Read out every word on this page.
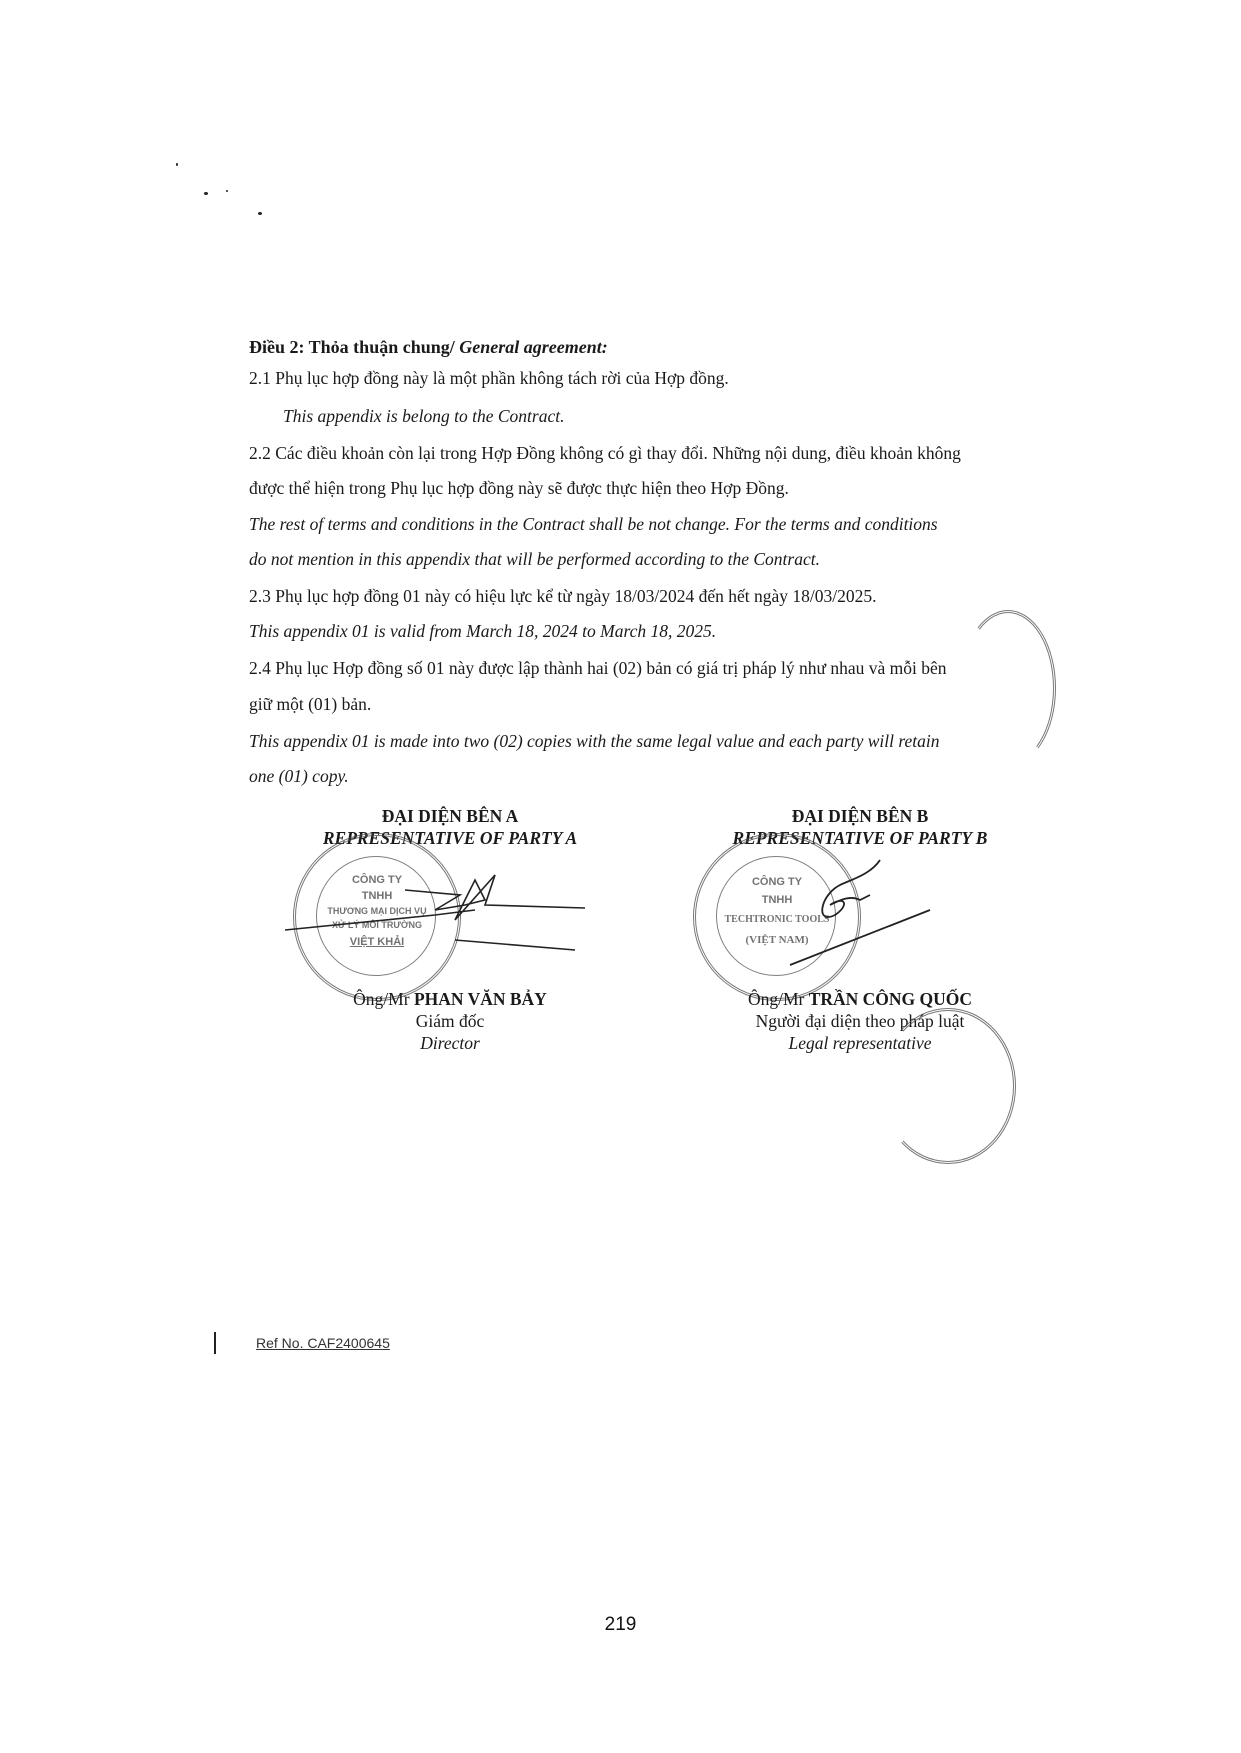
Điều 2: Thỏa thuận chung/ General agreement:
2.1 Phụ lục hợp đồng này là một phần không tách rời của Hợp đồng.
This appendix is belong to the Contract.
2.2 Các điều khoản còn lại trong Hợp Đồng không có gì thay đổi. Những nội dung, điều khoản không
được thể hiện trong Phụ lục hợp đồng này sẽ được thực hiện theo Hợp Đồng.
The rest of terms and conditions in the Contract shall be not change. For the terms and conditions
do not mention in this appendix that will be performed according to the Contract.
2.3 Phụ lục hợp đồng 01 này có hiệu lực kể từ ngày 18/03/2024 đến hết ngày 18/03/2025.
This appendix 01 is valid from March 18, 2024 to March 18, 2025.
2.4 Phụ lục Hợp đồng số 01 này được lập thành hai (02) bản có giá trị pháp lý như nhau và mỗi bên
giữ một (01) bản.
This appendix 01 is made into two (02) copies with the same legal value and each party will retain
one (01) copy.
ĐẠI DIỆN BÊN A
REPRESENTATIVE OF PARTY A
CÔNG TY
TNHH
THƯƠNG MẠI DỊCH VỤ
XỬ LÝ MÔI TRƯỜNG
VIỆT KHẢI
Ông/Mr PHAN VĂN BẢY
Giám đốc
Director
ĐẠI DIỆN BÊN B
REPRESENTATIVE OF PARTY B
CÔNG TY
TNHH
TECHTRONIC TOOLS
(VIỆT NAM)
Ông/Mr TRẦN CÔNG QUỐC
Người đại diện theo pháp luật
Legal representative
Ref No. CAF2400645
219
